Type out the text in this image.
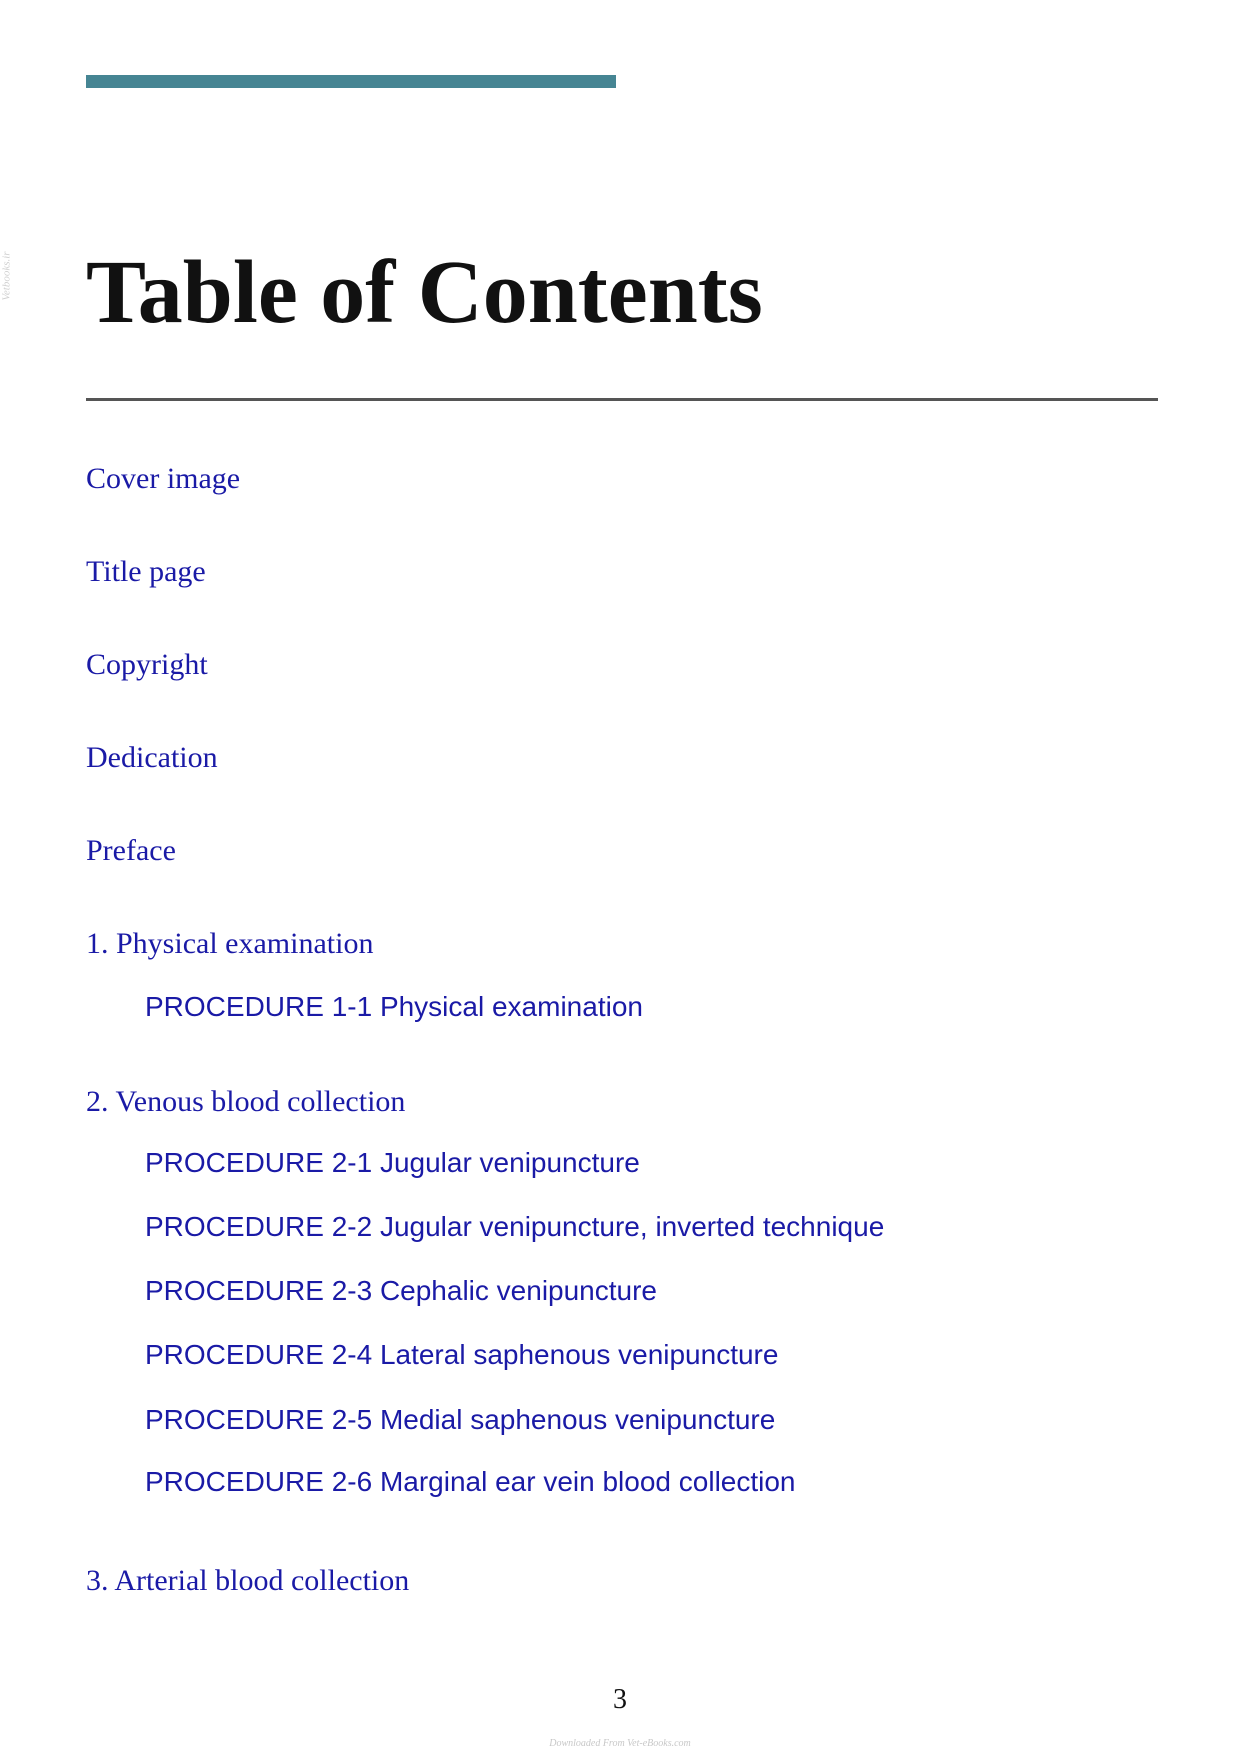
Vetbooks.ir Table of Contents
Cover image
Title page
Copyright
Dedication
Preface
1. Physical examination
PROCEDURE 1-1 Physical examination
2. Venous blood collection
PROCEDURE 2-1 Jugular venipuncture
PROCEDURE 2-2 Jugular venipuncture, inverted technique
PROCEDURE 2-3 Cephalic venipuncture
PROCEDURE 2-4 Lateral saphenous venipuncture
PROCEDURE 2-5 Medial saphenous venipuncture
PROCEDURE 2-6 Marginal ear vein blood collection
3. Arterial blood collection
3
Downloaded From Vet-eBooks.com
